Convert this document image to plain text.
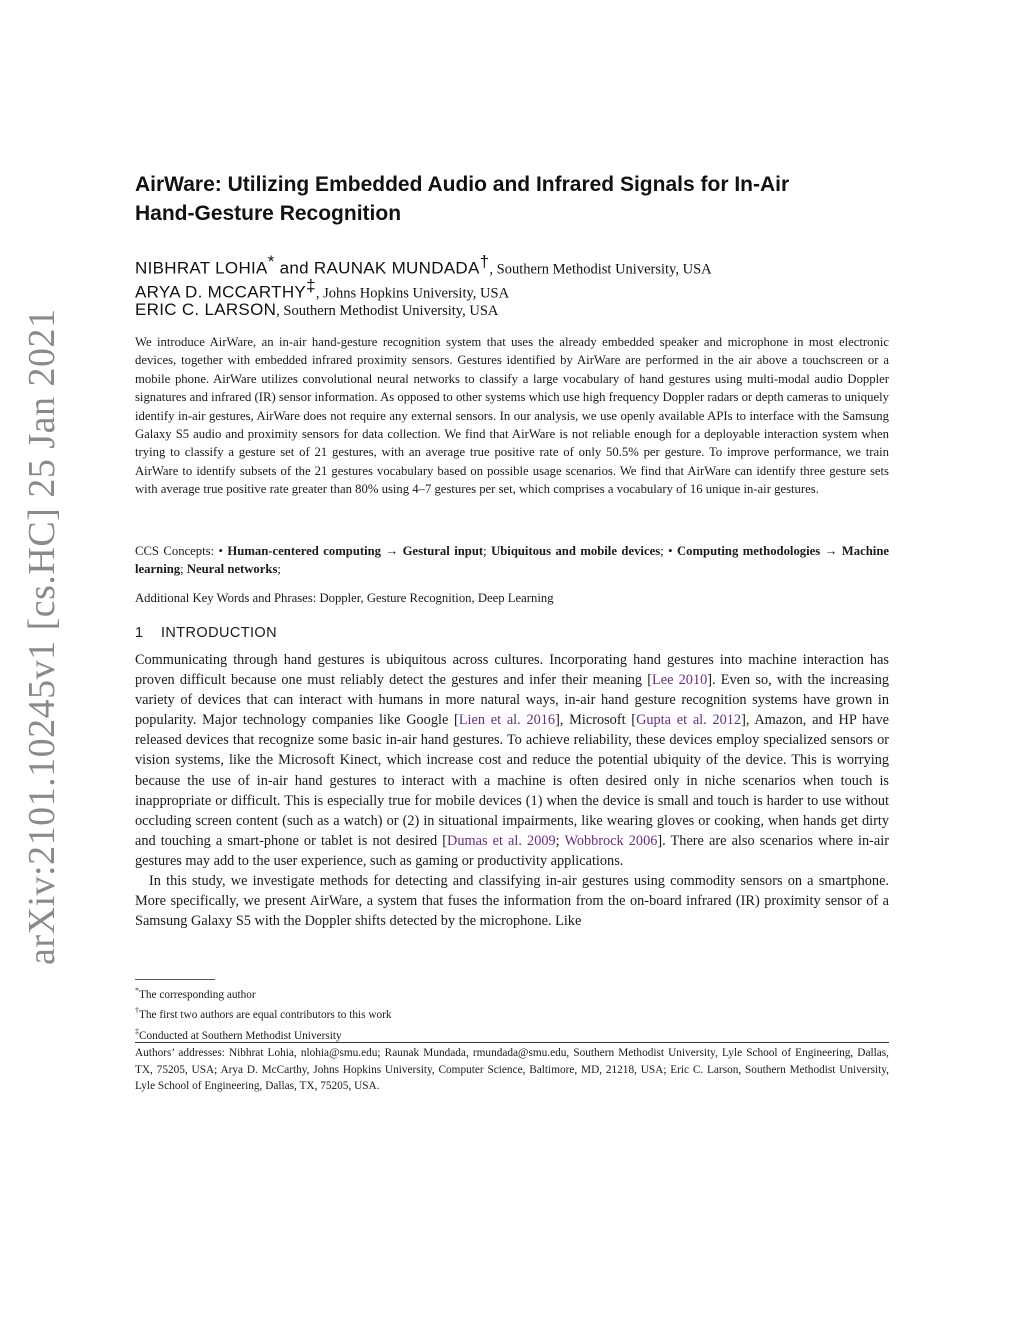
arXiv:2101.10245v1 [cs.HC] 25 Jan 2021
AirWare: Utilizing Embedded Audio and Infrared Signals for In-Air
Hand-Gesture Recognition
NIBHRAT LOHIA* and RAUNAK MUNDADA†, Southern Methodist University, USA
ARYA D. MCCARTHY‡, Johns Hopkins University, USA
ERIC C. LARSON, Southern Methodist University, USA
We introduce AirWare, an in-air hand-gesture recognition system that uses the already embedded speaker and microphone in most electronic devices, together with embedded infrared proximity sensors. Gestures identified by AirWare are performed in the air above a touchscreen or a mobile phone. AirWare utilizes convolutional neural networks to classify a large vocabulary of hand gestures using multi-modal audio Doppler signatures and infrared (IR) sensor information. As opposed to other systems which use high frequency Doppler radars or depth cameras to uniquely identify in-air gestures, AirWare does not require any external sensors. In our analysis, we use openly available APIs to interface with the Samsung Galaxy S5 audio and proximity sensors for data collection. We find that AirWare is not reliable enough for a deployable interaction system when trying to classify a gesture set of 21 gestures, with an average true positive rate of only 50.5% per gesture. To improve performance, we train AirWare to identify subsets of the 21 gestures vocabulary based on possible usage scenarios. We find that AirWare can identify three gesture sets with average true positive rate greater than 80% using 4–7 gestures per set, which comprises a vocabulary of 16 unique in-air gestures.
CCS Concepts: • Human-centered computing → Gestural input; Ubiquitous and mobile devices; • Computing methodologies → Machine learning; Neural networks;
Additional Key Words and Phrases: Doppler, Gesture Recognition, Deep Learning
1 INTRODUCTION

Communicating through hand gestures is ubiquitous across cultures. Incorporating hand gestures into machine interaction has proven difficult because one must reliably detect the gestures and infer their meaning [Lee 2010]. Even so, with the increasing variety of devices that can interact with humans in more natural ways, in-air hand gesture recognition systems have grown in popularity. Major technology companies like Google [Lien et al. 2016], Microsoft [Gupta et al. 2012], Amazon, and HP have released devices that recognize some basic in-air hand gestures. To achieve reliability, these devices employ specialized sensors or vision systems, like the Microsoft Kinect, which increase cost and reduce the potential ubiquity of the device. This is worrying because the use of in-air hand gestures to interact with a machine is often desired only in niche scenarios when touch is inappropriate or difficult. This is especially true for mobile devices (1) when the device is small and touch is harder to use without occluding screen content (such as a watch) or (2) in situational impairments, like wearing gloves or cooking, when hands get dirty and touching a smart-phone or tablet is not desired [Dumas et al. 2009; Wobbrock 2006]. There are also scenarios where in-air gestures may add to the user experience, such as gaming or productivity applications.

In this study, we investigate methods for detecting and classifying in-air gestures using commodity sensors on a smartphone. More specifically, we present AirWare, a system that fuses the information from the on-board infrared (IR) proximity sensor of a Samsung Galaxy S5 with the Doppler shifts detected by the microphone. Like

*The corresponding author
†The first two authors are equal contributors to this work
‡Conducted at Southern Methodist University
Authors’ addresses: Nibhrat Lohia, nlohia@smu.edu; Raunak Mundada, rmundada@smu.edu, Southern Methodist University, Lyle School of Engineering, Dallas, TX, 75205, USA; Arya D. McCarthy, Johns Hopkins University, Computer Science, Baltimore, MD, 21218, USA; Eric C. Larson, Southern Methodist University, Lyle School of Engineering, Dallas, TX, 75205, USA.
